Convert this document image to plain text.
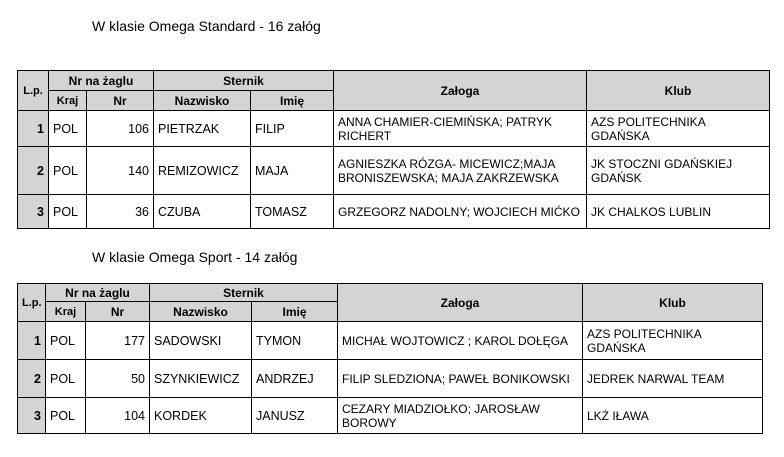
W klasie Omega Standard - 16 załóg
L.p.	Nr na żaglu		Sternik		Załoga	Klub
	Kraj	Nr	Nazwisko	Imię		
1	POL	106	PIETRZAK	FILIP	ANNA CHAMIER-CIEMIŃSKA; PATRYK RICHERT	AZS POLITECHNIKA GDAŃSKA
2	POL	140	REMIZOWICZ	MAJA	AGNIESZKA RÓZGA- MICEWICZ;MAJA BRONISZEWSKA; MAJA ZAKRZEWSKA	JK STOCZNI GDAŃSKIEJ GDAŃSK
3	POL	36	CZUBA	TOMASZ	GRZEGORZ NADOLNY; WOJCIECH MIĆKO	JK CHALKOS LUBLIN
W klasie Omega Sport - 14 załóg
L.p.	Nr na żaglu		Sternik		Załoga	Klub
	Kraj	Nr	Nazwisko	Imię		
1	POL	177	SADOWSKI	TYMON	MICHAŁ WOJTOWICZ ; KAROL DOŁĘGA	AZS POLITECHNIKA GDAŃSKA
2	POL	50	SZYNKIEWICZ	ANDRZEJ	FILIP SLEDZIONA; PAWEŁ BONIKOWSKI	JEDREK NARWAL TEAM
3	POL	104	KORDEK	JANUSZ	CEZARY MIADZIOŁKO; JAROSŁAW BOROWY	LKŻ IŁAWA
